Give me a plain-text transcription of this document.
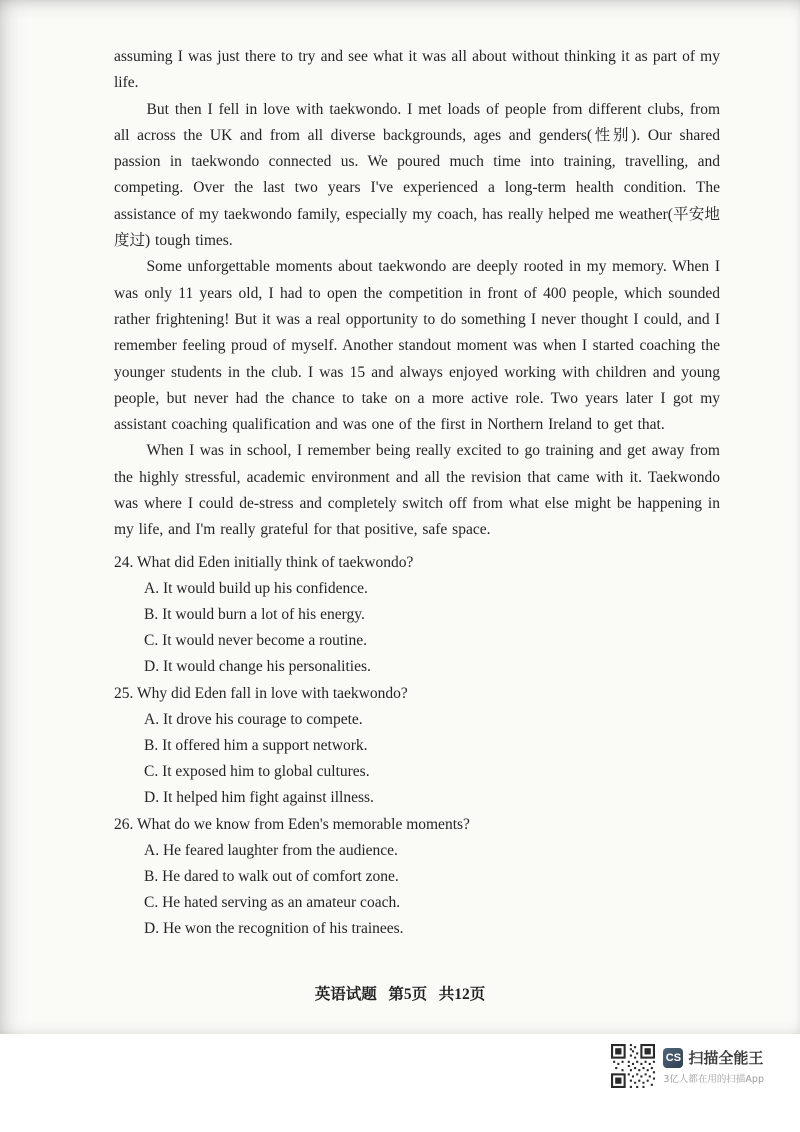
assuming I was just there to try and see what it was all about without thinking it as part of my life.

But then I fell in love with taekwondo. I met loads of people from different clubs, from all across the UK and from all diverse backgrounds, ages and genders(性别). Our shared passion in taekwondo connected us. We poured much time into training, travelling, and competing. Over the last two years I've experienced a long-term health condition. The assistance of my taekwondo family, especially my coach, has really helped me weather(平安地度过) tough times.

Some unforgettable moments about taekwondo are deeply rooted in my memory. When I was only 11 years old, I had to open the competition in front of 400 people, which sounded rather frightening! But it was a real opportunity to do something I never thought I could, and I remember feeling proud of myself. Another standout moment was when I started coaching the younger students in the club. I was 15 and always enjoyed working with children and young people, but never had the chance to take on a more active role. Two years later I got my assistant coaching qualification and was one of the first in Northern Ireland to get that.

When I was in school, I remember being really excited to go training and get away from the highly stressful, academic environment and all the revision that came with it. Taekwondo was where I could de-stress and completely switch off from what else might be happening in my life, and I'm really grateful for that positive, safe space.

24. What did Eden initially think of taekwondo?
A. It would build up his confidence.
B. It would burn a lot of his energy.
C. It would never become a routine.
D. It would change his personalities.
25. Why did Eden fall in love with taekwondo?
A. It drove his courage to compete.
B. It offered him a support network.
C. It exposed him to global cultures.
D. It helped him fight against illness.
26. What do we know from Eden's memorable moments?
A. He feared laughter from the audience.
B. He dared to walk out of comfort zone.
C. He hated serving as an amateur coach.
D. He won the recognition of his trainees.
英语试题   第5页   共12页
CS 扫描全能王
3亿人都在用的扫描App
